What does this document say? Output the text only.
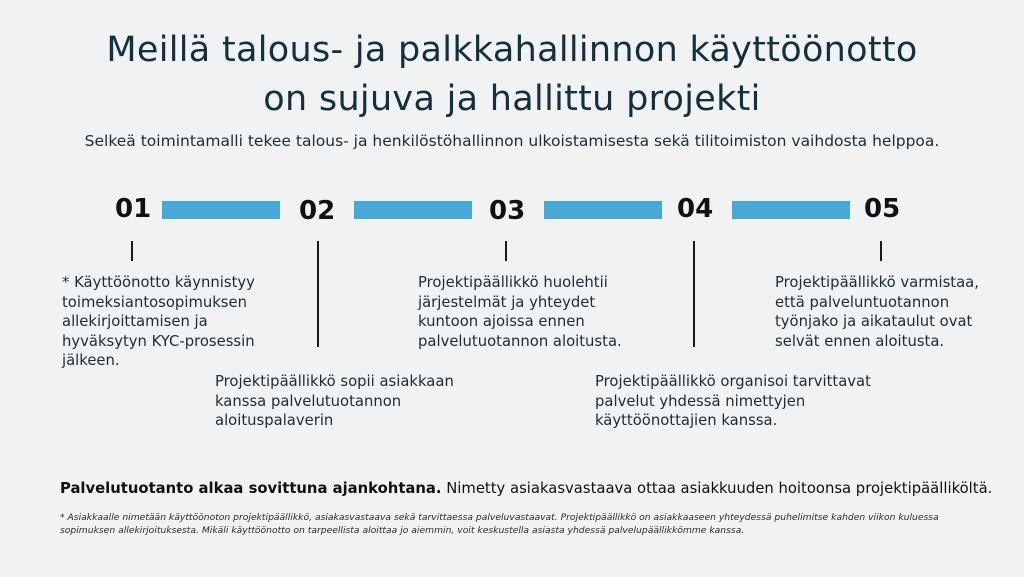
Meillä talous- ja palkkahallinnon käyttöönotto
on sujuva ja hallittu projekti
Selkeä toimintamalli tekee talous- ja henkilöstöhallinnon ulkoistamisesta sekä tilitoimiston vaihdosta helppoa.
01	02	03	04	05
* Käyttöönotto käynnistyy toimeksiantosopimuksen allekirjoittamisen ja hyväksytyn KYC-prosessin jälkeen.
Projektipäällikkö sopii asiakkaan kanssa palvelutuotannon aloituspalaverin
Projektipäällikkö huolehtii järjestelmät ja yhteydet kuntoon ajoissa ennen palvelutuotannon aloitusta.
Projektipäällikkö organisoi tarvittavat palvelut yhdessä nimettyjen käyttöönottajien kanssa.
Projektipäällikkö varmistaa, että palveluntuotannon työnjako ja aikataulut ovat selvät ennen aloitusta.
Palvelutuotanto alkaa sovittuna ajankohtana. Nimetty asiakasvastaava ottaa asiakkuuden hoitoonsa projektipäälliköltä.
* Asiakkaalle nimetään käyttöönoton projektipäällikkö, asiakasvastaava sekä tarvittaessa palveluvastaavat. Projektipäällikkö on asiakkaaseen yhteydessä puhelimitse kahden viikon kuluessa sopimuksen allekirjoituksesta. Mikäli käyttöönotto on tarpeellista aloittaa jo aiemmin, voit keskustella asiasta yhdessä palvelupäällikkömme kanssa.
